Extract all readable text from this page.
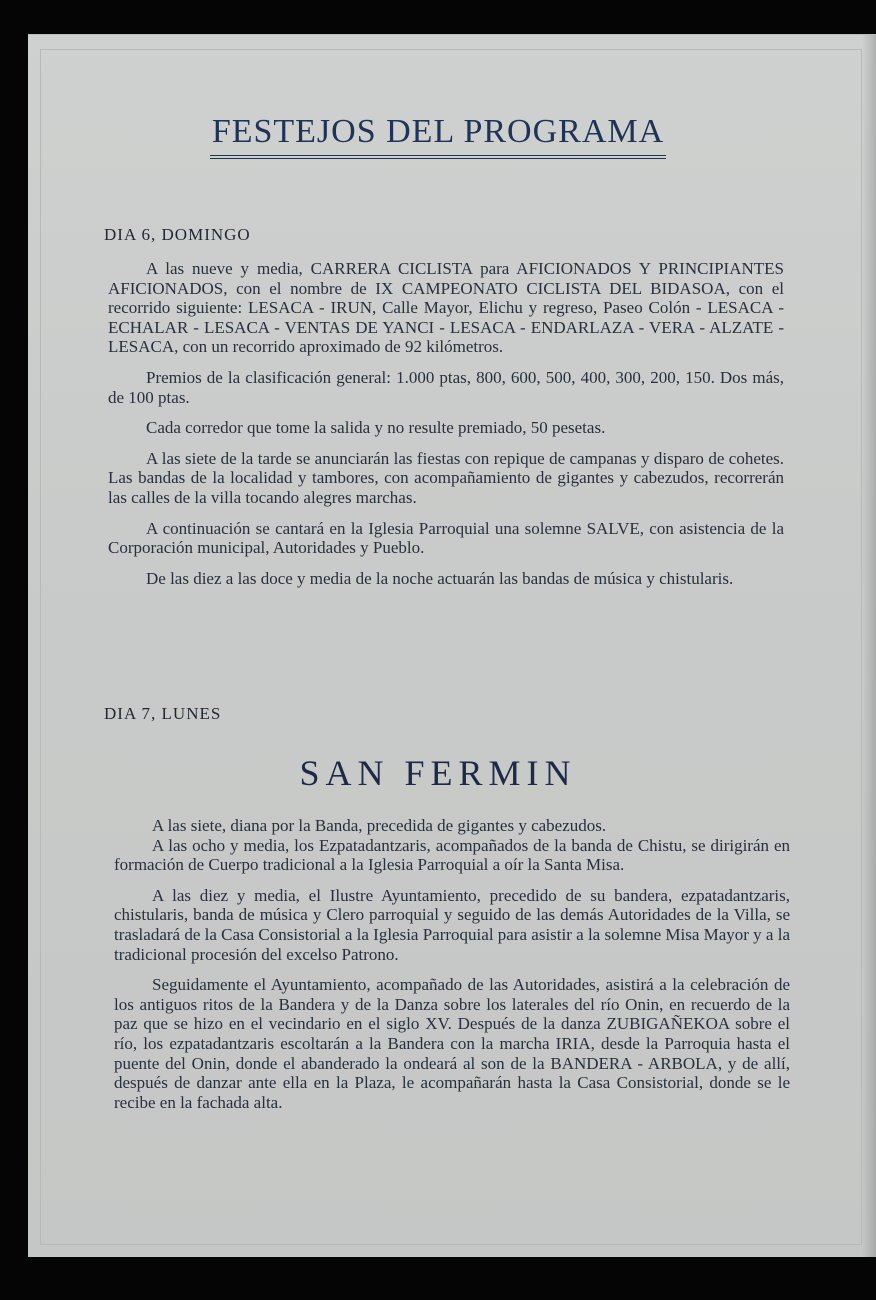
FESTEJOS DEL PROGRAMA
DIA 6, DOMINGO

A las nueve y media, CARRERA CICLISTA para AFICIONADOS Y PRINCIPIANTES AFICIONADOS, con el nombre de IX CAMPEONATO CICLISTA DEL BIDASOA, con el recorrido siguiente: LESACA - IRUN, Calle Mayor, Elichu y regreso, Paseo Colón - LESACA - ECHALAR - LESACA - VENTAS DE YANCI - LESACA - ENDARLAZA - VERA - ALZATE - LESACA, con un recorrido aproximado de 92 kilómetros.

Premios de la clasificación general: 1.000 ptas, 800, 600, 500, 400, 300, 200, 150. Dos más, de 100 ptas.

Cada corredor que tome la salida y no resulte premiado, 50 pesetas.

A las siete de la tarde se anunciarán las fiestas con repique de campanas y disparo de cohetes. Las bandas de la localidad y tambores, con acompañamiento de gigantes y cabezudos, recorrerán las calles de la villa tocando alegres marchas.

A continuación se cantará en la Iglesia Parroquial una solemne SALVE, con asistencia de la Corporación municipal, Autoridades y Pueblo.

De las diez a las doce y media de la noche actuarán las bandas de música y chistularis.

DIA 7, LUNES
SAN FERMIN

A las siete, diana por la Banda, precedida de gigantes y cabezudos.

A las ocho y media, los Ezpatadantzaris, acompañados de la banda de Chistu, se dirigirán en formación de Cuerpo tradicional a la Iglesia Parroquial a oír la Santa Misa.

A las diez y media, el Ilustre Ayuntamiento, precedido de su bandera, ezpatadantzaris, chistularis, banda de música y Clero parroquial y seguido de las demás Autoridades de la Villa, se trasladará de la Casa Consistorial a la Iglesia Parroquial para asistir a la solemne Misa Mayor y a la tradicional procesión del excelso Patrono.

Seguidamente el Ayuntamiento, acompañado de las Autoridades, asistirá a la celebración de los antiguos ritos de la Bandera y de la Danza sobre los laterales del río Onin, en recuerdo de la paz que se hizo en el vecindario en el siglo XV. Después de la danza ZUBIGAÑEKOA sobre el río, los ezpatadantzaris escoltarán a la Bandera con la marcha IRIA, desde la Parroquia hasta el puente del Onin, donde el abanderado la ondeará al son de la BANDERA - ARBOLA, y de allí, después de danzar ante ella en la Plaza, le acompañarán hasta la Casa Consistorial, donde se le recibe en la fachada alta.
